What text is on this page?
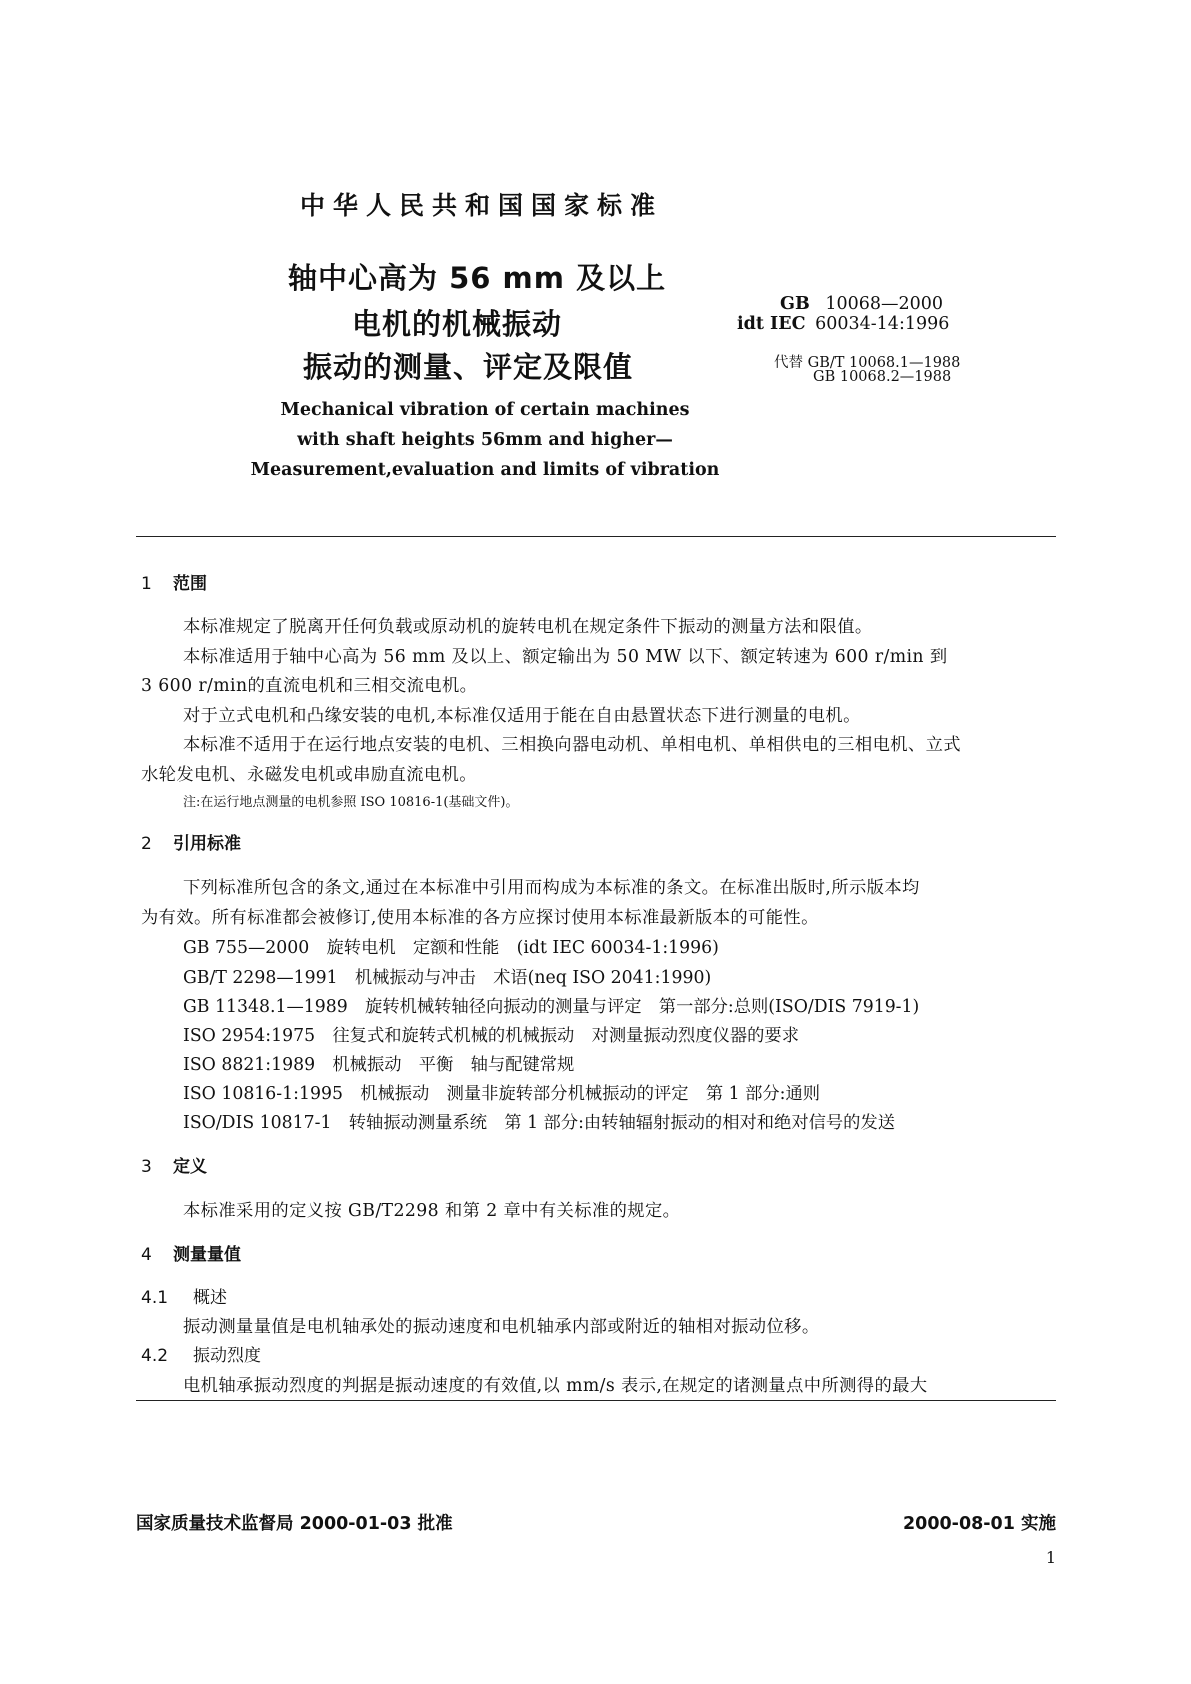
中华人民共和国国家标准
轴中心高为 56 mm 及以上
电机的机械振动
振动的测量、评定及限值
Mechanical vibration of certain machines
with shaft heights 56mm and higher—
Measurement,evaluation and limits of vibration
GB 10068—2000
idt IEC 60034-14:1996
代替 GB/T 10068.1—1988
GB 10068.2—1988
1 范围
本标准规定了脱离开任何负载或原动机的旋转电机在规定条件下振动的测量方法和限值。
本标准适用于轴中心高为 56 mm 及以上、额定输出为 50 MW 以下、额定转速为 600 r/min 到
3 600 r/min的直流电机和三相交流电机。
对于立式电机和凸缘安装的电机,本标准仅适用于能在自由悬置状态下进行测量的电机。
本标准不适用于在运行地点安装的电机、三相换向器电动机、单相电机、单相供电的三相电机、立式
水轮发电机、永磁发电机或串励直流电机。
注:在运行地点测量的电机参照 ISO 10816-1(基础文件)。
2 引用标准
下列标准所包含的条文,通过在本标准中引用而构成为本标准的条文。在标准出版时,所示版本均
为有效。所有标准都会被修订,使用本标准的各方应探讨使用本标准最新版本的可能性。
GB 755—2000　旋转电机　定额和性能　(idt IEC 60034-1:1996)
GB/T 2298—1991　机械振动与冲击　术语(neq ISO 2041:1990)
GB 11348.1—1989　旋转机械转轴径向振动的测量与评定　第一部分:总则(ISO/DIS 7919-1)
ISO 2954:1975　往复式和旋转式机械的机械振动　对测量振动烈度仪器的要求
ISO 8821:1989　机械振动　平衡　轴与配键常规
ISO 10816-1:1995　机械振动　测量非旋转部分机械振动的评定　第 1 部分:通则
ISO/DIS 10817-1　转轴振动测量系统　第 1 部分:由转轴辐射振动的相对和绝对信号的发送
3 定义
本标准采用的定义按 GB/T2298 和第 2 章中有关标准的规定。
4 测量量值
4.1 概述
振动测量量值是电机轴承处的振动速度和电机轴承内部或附近的轴相对振动位移。
4.2 振动烈度
电机轴承振动烈度的判据是振动速度的有效值,以 mm/s 表示,在规定的诸测量点中所测得的最大
国家质量技术监督局 2000-01-03 批准	2000-08-01 实施
1
